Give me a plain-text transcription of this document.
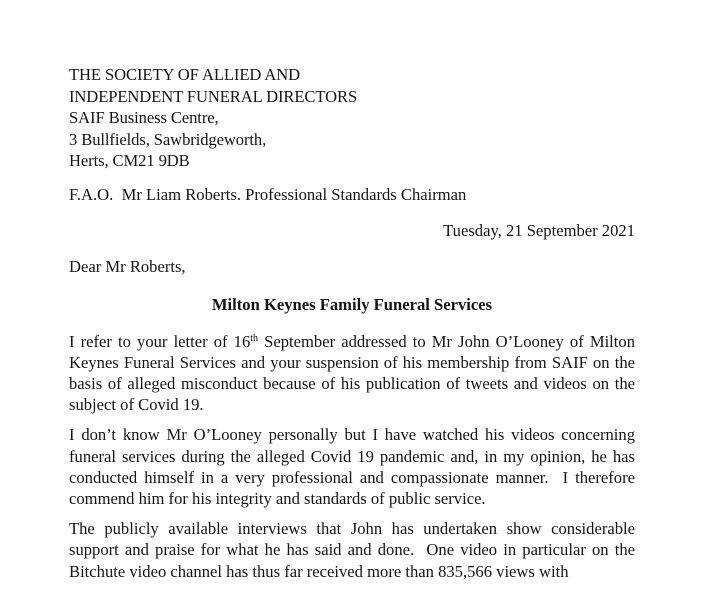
THE SOCIETY OF ALLIED AND
INDEPENDENT FUNERAL DIRECTORS
SAIF Business Centre,
3 Bullfields, Sawbridgeworth,
Herts, CM21 9DB
F.A.O.  Mr Liam Roberts. Professional Standards Chairman
Tuesday, 21 September 2021
Dear Mr Roberts,
Milton Keynes Family Funeral Services

I refer to your letter of 16th September addressed to Mr John O’Looney of Milton Keynes Funeral Services and your suspension of his membership from SAIF on the basis of alleged misconduct because of his publication of tweets and videos on the subject of Covid 19.

I don’t know Mr O’Looney personally but I have watched his videos concerning funeral services during the alleged Covid 19 pandemic and, in my opinion, he has conducted himself in a very professional and compassionate manner.  I therefore commend him for his integrity and standards of public service.

The publicly available interviews that John has undertaken show considerable support and praise for what he has said and done.  One video in particular on the Bitchute video channel has thus far received more than 835,566 views with
